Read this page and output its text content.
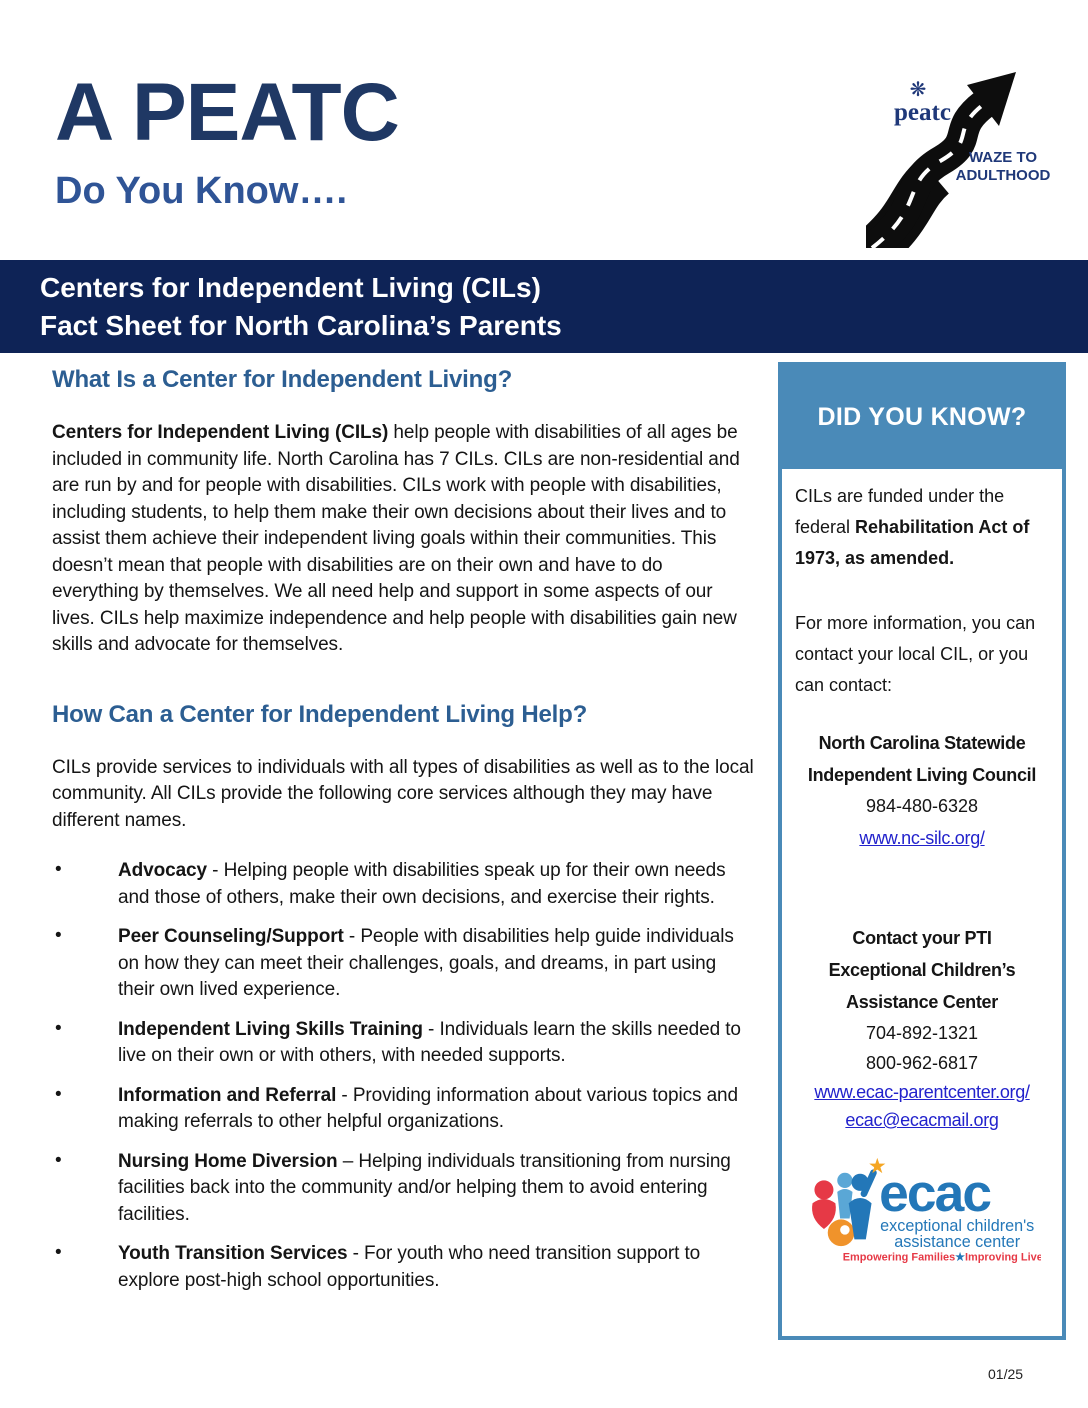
A PEATC
Do You Know….
❋
peatc
WAZE TO
ADULTHOOD
Centers for Independent Living (CILs)
Fact Sheet for North Carolina’s Parents
What Is a Center for Independent Living?

Centers for Independent Living (CILs) help people with disabilities of all ages be included in community life. North Carolina has 7 CILs. CILs are non-residential and are run by and for people with disabilities. CILs work with people with disabilities, including students, to help them make their own decisions about their lives and to assist them achieve their independent living goals within their communities. This doesn’t mean that people with disabilities are on their own and have to do everything by themselves. We all need help and support in some aspects of our lives. CILs help maximize independence and help people with disabilities gain new skills and advocate for themselves.

How Can a Center for Independent Living Help?

CILs provide services to individuals with all types of disabilities as well as to the local community. All CILs provide the following core services although they may have different names.

•	Advocacy - Helping people with disabilities speak up for their own needs and those of others, make their own decisions, and exercise their rights.
•	Peer Counseling/Support - People with disabilities help guide individuals on how they can meet their challenges, goals, and dreams, in part using their own lived experience.
•	Independent Living Skills Training - Individuals learn the skills needed to live on their own or with others, with needed supports.
•	Information and Referral - Providing information about various topics and making referrals to other helpful organizations.
•	Nursing Home Diversion – Helping individuals transitioning from nursing facilities back into the community and/or helping them to avoid entering facilities.
•	Youth Transition Services - For youth who need transition support to explore post-high school opportunities.
DID YOU KNOW?

CILs are funded under the federal Rehabilitation Act of 1973, as amended.

For more information, you can contact your local CIL, or you can contact:

North Carolina Statewide
Independent Living Council
984-480-6328
www.nc-silc.org/
Contact your PTI
Exceptional Children’s
Assistance Center
704-892-1321
800-962-6817
www.ecac-parentcenter.org/
ecac@ecacmail.org
★
ecac
exceptional children's
assistance center
Empowering Families★Improving Lives
01/25
